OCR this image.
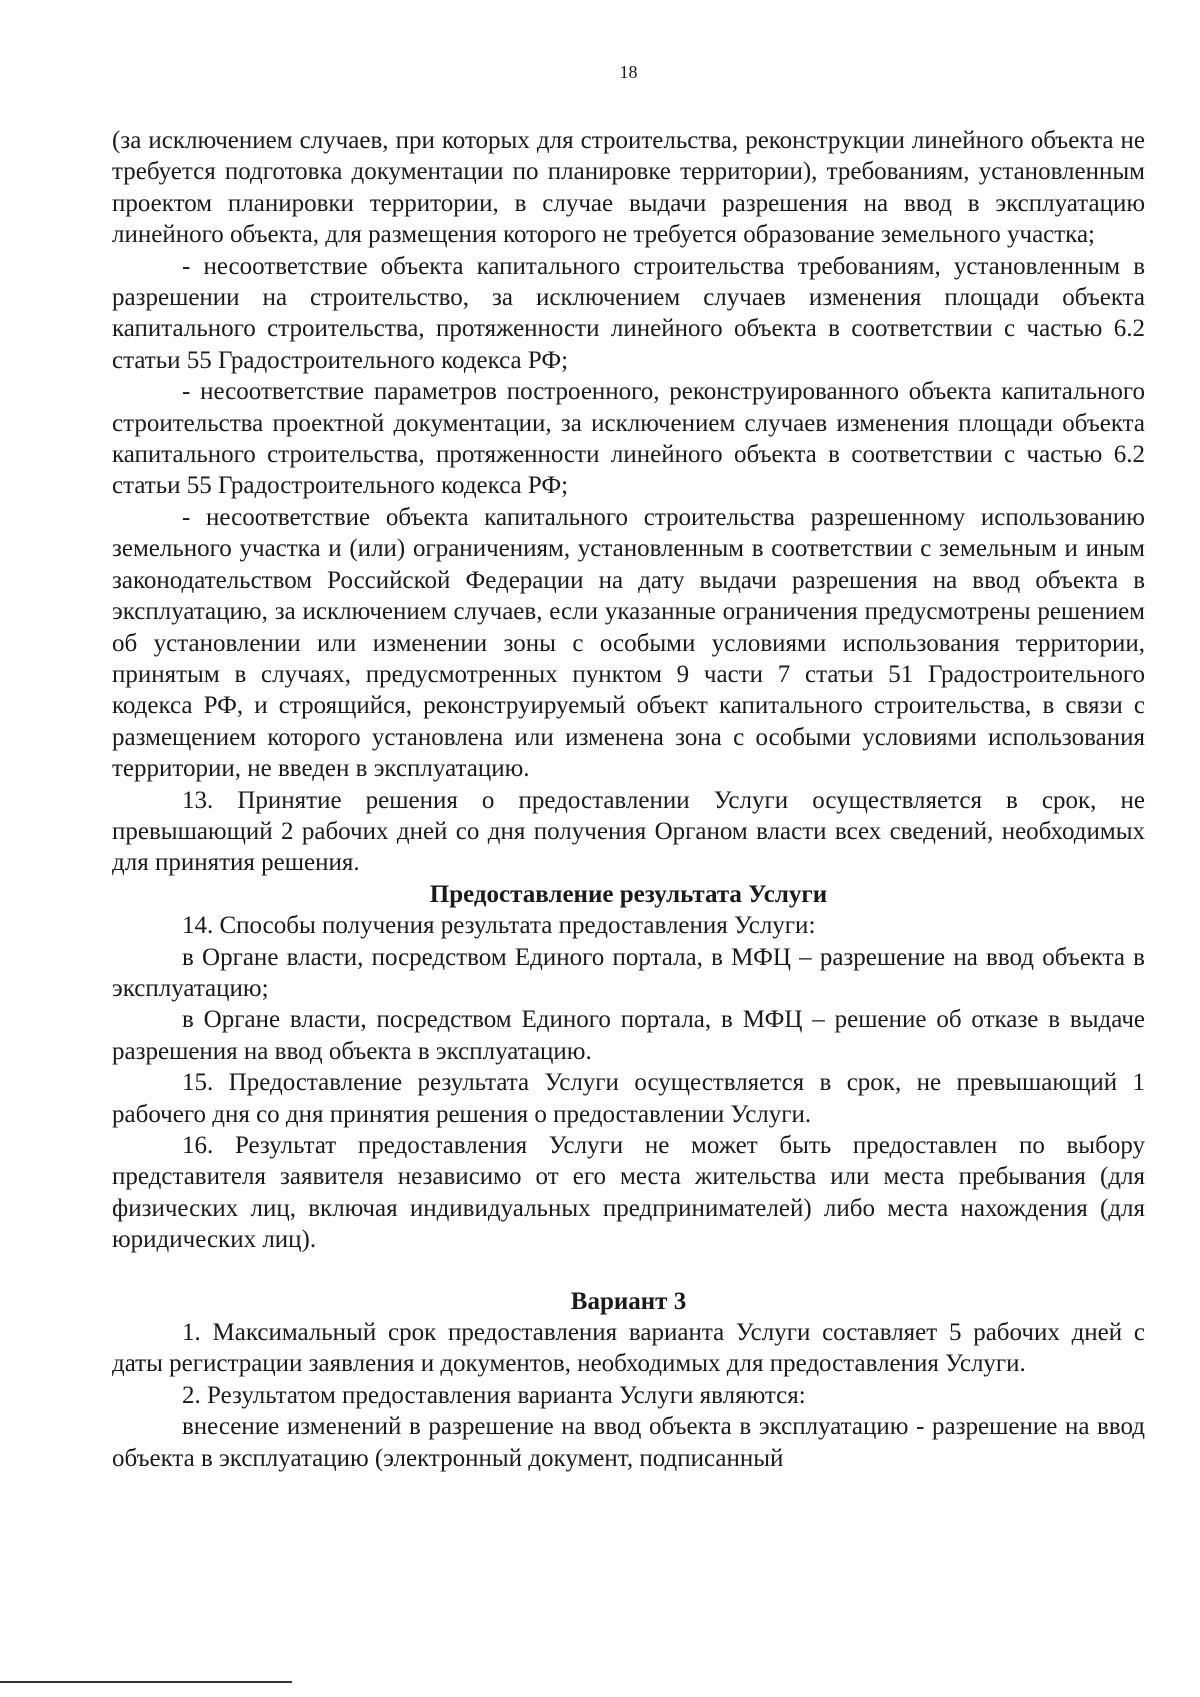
18

(за исключением случаев, при которых для строительства, реконструкции линейного объекта не требуется подготовка документации по планировке территории), требованиям, установленным проектом планировки территории, в случае выдачи разрешения на ввод в эксплуатацию линейного объекта, для размещения которого не требуется образование земельного участка;

- несоответствие объекта капитального строительства требованиям, установленным в разрешении на строительство, за исключением случаев изменения площади объекта капитального строительства, протяженности линейного объекта в соответствии с частью 6.2 статьи 55 Градостроительного кодекса РФ;

- несоответствие параметров построенного, реконструированного объекта капитального строительства проектной документации, за исключением случаев изменения площади объекта капитального строительства, протяженности линейного объекта в соответствии с частью 6.2 статьи 55 Градостроительного кодекса РФ;

- несоответствие объекта капитального строительства разрешенному использованию земельного участка и (или) ограничениям, установленным в соответствии с земельным и иным законодательством Российской Федерации на дату выдачи разрешения на ввод объекта в эксплуатацию, за исключением случаев, если указанные ограничения предусмотрены решением об установлении или изменении зоны с особыми условиями использования территории, принятым в случаях, предусмотренных пунктом 9 части 7 статьи 51 Градостроительного кодекса РФ, и строящийся, реконструируемый объект капитального строительства, в связи с размещением которого установлена или изменена зона с особыми условиями использования территории, не введен в эксплуатацию.

13. Принятие решения о предоставлении Услуги осуществляется в срок, не превышающий 2 рабочих дней со дня получения Органом власти всех сведений, необходимых для принятия решения.

Предоставление результата Услуги

14. Способы получения результата предоставления Услуги:

в Органе власти, посредством Единого портала, в МФЦ – разрешение на ввод объекта в эксплуатацию;

в Органе власти, посредством Единого портала, в МФЦ – решение об отказе в выдаче разрешения на ввод объекта в эксплуатацию.

15. Предоставление результата Услуги осуществляется в срок, не превышающий 1 рабочего дня со дня принятия решения о предоставлении Услуги.

16. Результат предоставления Услуги не может быть предоставлен по выбору представителя заявителя независимо от его места жительства или места пребывания (для физических лиц, включая индивидуальных предпринимателей) либо места нахождения (для юридических лиц).

Вариант 3

1. Максимальный срок предоставления варианта Услуги составляет 5 рабочих дней с даты регистрации заявления и документов, необходимых для предоставления Услуги.

2. Результатом предоставления варианта Услуги являются:

внесение изменений в разрешение на ввод объекта в эксплуатацию - разрешение на ввод объекта в эксплуатацию (электронный документ, подписанный
